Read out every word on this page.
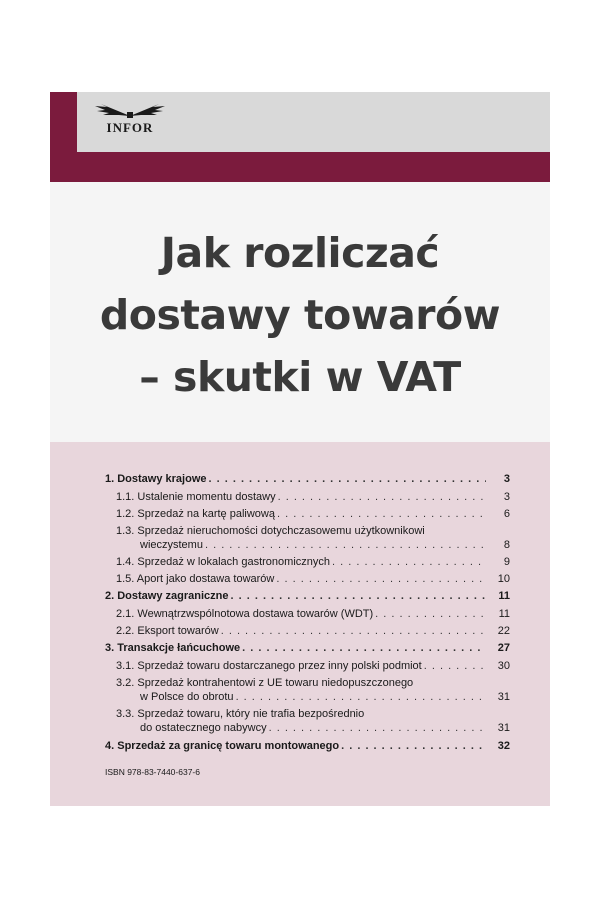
INFOR
Jak rozliczać
dostawy towarów
– skutki w VAT
1. Dostawy krajowe . . .	3
1.1. Ustalenie momentu dostawy . . .	3
1.2. Sprzedaż na kartę paliwową . . .	6
1.3. Sprzedaż nieruchomości dotychczasowemu użytkownikowi
wieczystemu . . .	8
1.4. Sprzedaż w lokalach gastronomicznych . . .	9
1.5. Aport jako dostawa towarów . . .	10
2. Dostawy zagraniczne . . .	11
2.1. Wewnątrzwspólnotowa dostawa towarów (WDT) . . .	11
2.2. Eksport towarów . . .	22
3. Transakcje łańcuchowe . . .	27
3.1. Sprzedaż towaru dostarczanego przez inny polski podmiot . . .	30
3.2. Sprzedaż kontrahentowi z UE towaru niedopuszczonego
w Polsce do obrotu . . .	31
3.3. Sprzedaż towaru, który nie trafia bezpośrednio
do ostatecznego nabywcy . . .	31
4. Sprzedaż za granicę towaru montowanego . . .	32
ISBN 978-83-7440-637-6
